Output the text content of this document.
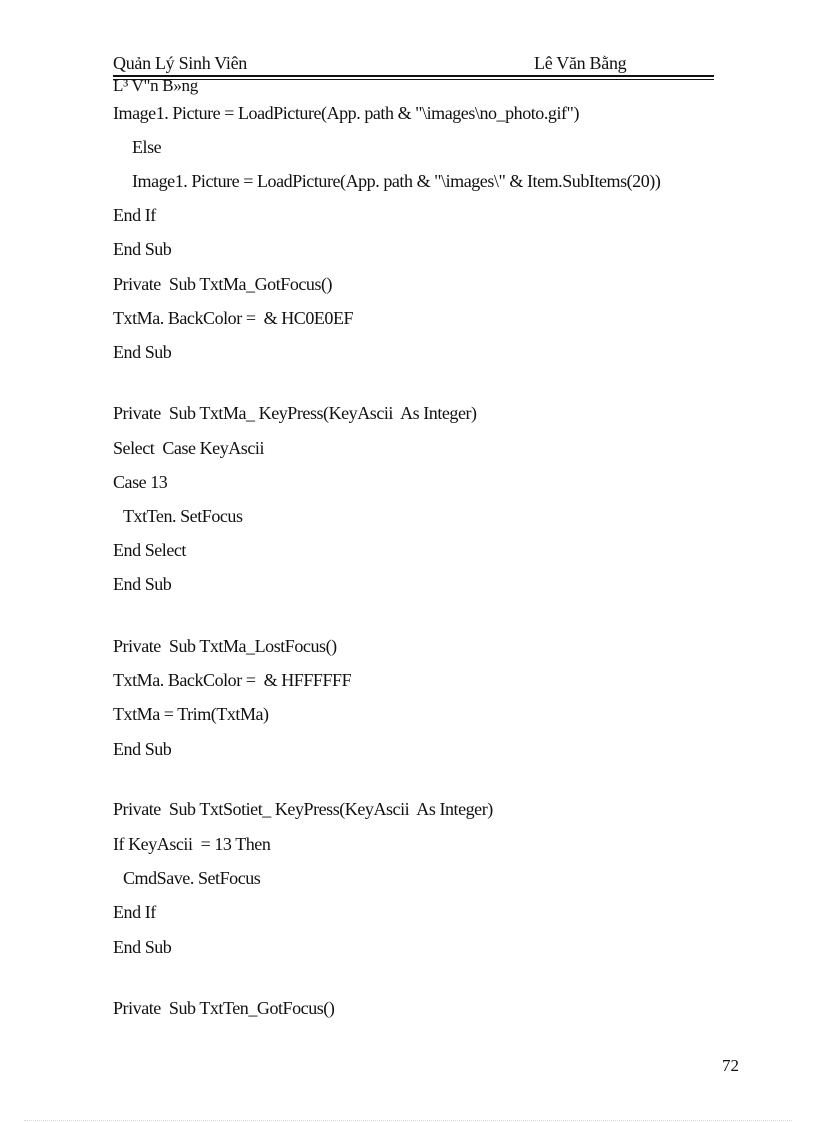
Quản Lý Sinh Viên	Lê Văn Bằng
L³ V"n B»ng
Image1. Picture = LoadPicture(App. path & "\images\no_photo.gif")
Else
Image1. Picture = LoadPicture(App. path & "\images\" & Item.SubItems(20))
End If
End Sub
Private  Sub TxtMa_GotFocus()
TxtMa. BackColor =  & HC0E0EF
End Sub
Private  Sub TxtMa_ KeyPress(KeyAscii  As Integer)
Select  Case KeyAscii
Case 13
TxtTen. SetFocus
End Select
End Sub
Private  Sub TxtMa_LostFocus()
TxtMa. BackColor =  & HFFFFFF
TxtMa = Trim(TxtMa)
End Sub
Private  Sub TxtSotiet_ KeyPress(KeyAscii  As Integer)
If KeyAscii  = 13 Then
CmdSave. SetFocus
End If
End Sub
Private  Sub TxtTen_GotFocus()
72
